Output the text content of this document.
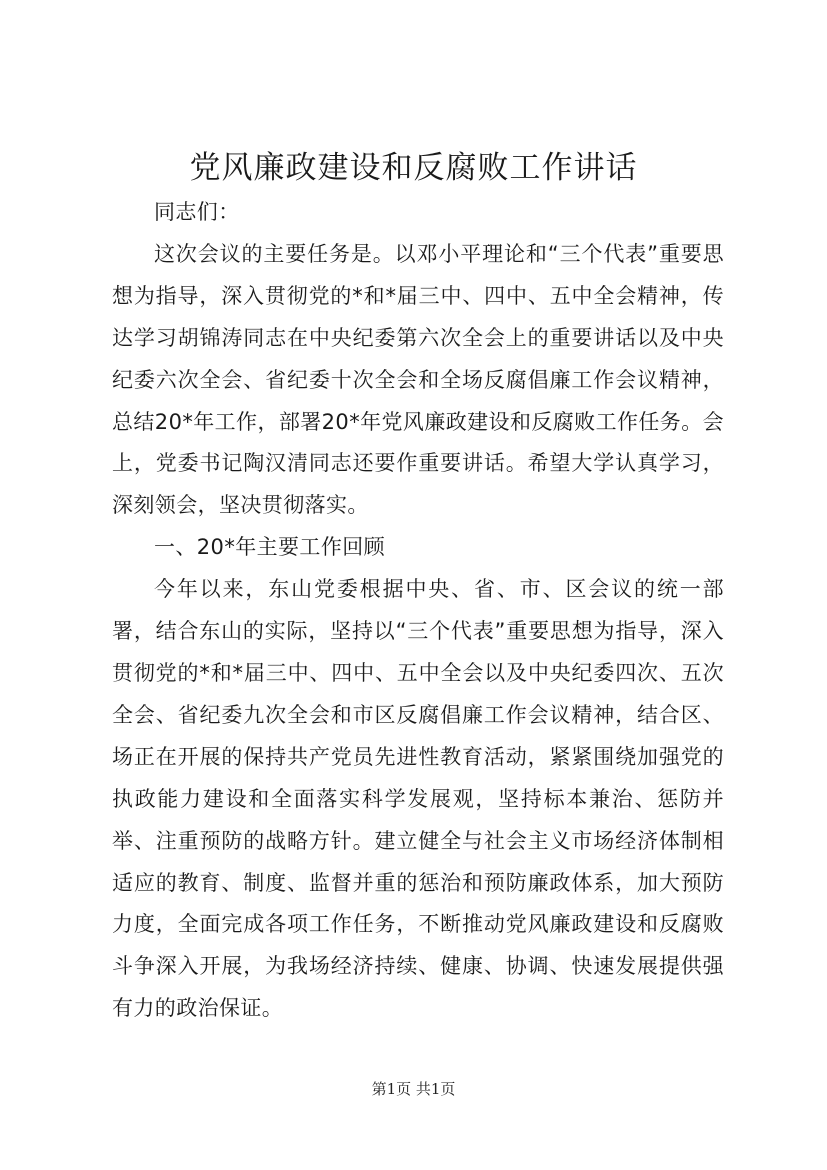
党风廉政建设和反腐败工作讲话

同志们：

这次会议的主要任务是。以邓小平理论和“三个代表”重要思想为指导，深入贯彻党的*和*届三中、四中、五中全会精神，传达学习胡锦涛同志在中央纪委第六次全会上的重要讲话以及中央纪委六次全会、省纪委十次全会和全场反腐倡廉工作会议精神，总结20*年工作，部署20*年党风廉政建设和反腐败工作任务。会上，党委书记陶汉清同志还要作重要讲话。希望大学认真学习，深刻领会，坚决贯彻落实。

一、20*年主要工作回顾

今年以来，东山党委根据中央、省、市、区会议的统一部署，结合东山的实际，坚持以“三个代表”重要思想为指导，深入贯彻党的*和*届三中、四中、五中全会以及中央纪委四次、五次全会、省纪委九次全会和市区反腐倡廉工作会议精神，结合区、场正在开展的保持共产党员先进性教育活动，紧紧围绕加强党的执政能力建设和全面落实科学发展观，坚持标本兼治、惩防并举、注重预防的战略方针。建立健全与社会主义市场经济体制相适应的教育、制度、监督并重的惩治和预防廉政体系，加大预防力度，全面完成各项工作任务，不断推动党风廉政建设和反腐败斗争深入开展，为我场经济持续、健康、协调、快速发展提供强有力的政治保证。

第1页 共1页
